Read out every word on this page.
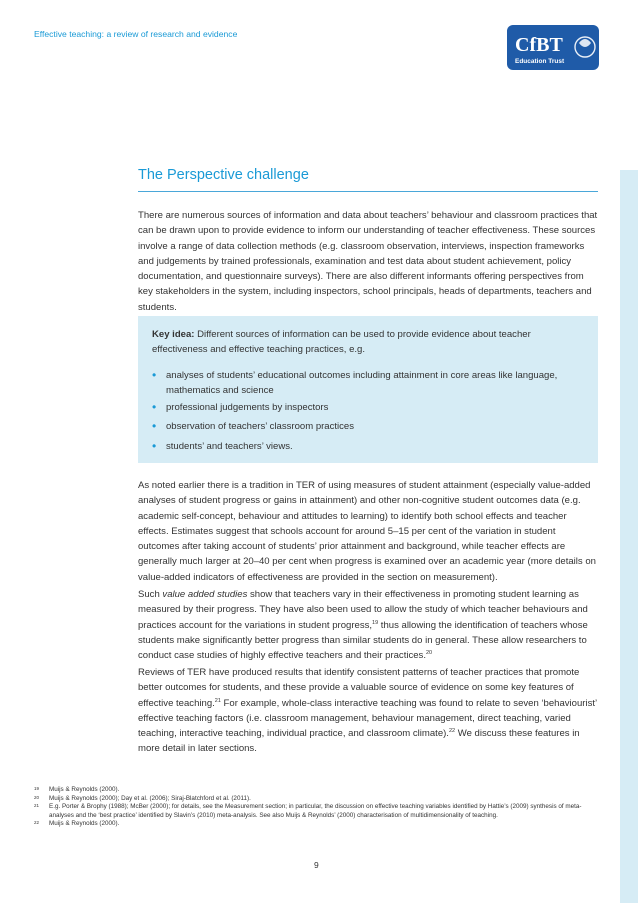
Effective teaching: a review of research and evidence	CfBT
Education Trust
The Perspective challenge

There are numerous sources of information and data about teachers’ behaviour and classroom practices that can be drawn upon to provide evidence to inform our understanding of teacher effectiveness. These sources involve a range of data collection methods (e.g. classroom observation, interviews, inspection frameworks and judgements by trained professionals, examination and test data about student achievement, policy documentation, and questionnaire surveys). There are also different informants offering perspectives from key stakeholders in the system, including inspectors, school principals, heads of departments, teachers and students.

Key idea: Different sources of information can be used to provide evidence about teacher effectiveness and effective teaching practices, e.g.
• analyses of students’ educational outcomes including attainment in core areas like language, mathematics and science
• professional judgements by inspectors
• observation of teachers’ classroom practices
• students’ and teachers’ views.

As noted earlier there is a tradition in TER of using measures of student attainment (especially value-added analyses of student progress or gains in attainment) and other non-cognitive student outcomes data (e.g. academic self-concept, behaviour and attitudes to learning) to identify both school effects and teacher effects. Estimates suggest that schools account for around 5–15 per cent of the variation in student outcomes after taking account of students’ prior attainment and background, while teacher effects are generally much larger at 20–40 per cent when progress is examined over an academic year (more details on value-added indicators of effectiveness are provided in the section on measurement).

Such value added studies show that teachers vary in their effectiveness in promoting student learning as measured by their progress. They have also been used to allow the study of which teacher behaviours and practices account for the variations in student progress,$^{19}$ thus allowing the identification of teachers whose students make significantly better progress than similar students do in general. These allow researchers to conduct case studies of highly effective teachers and their practices.$^{20}$

Reviews of TER have produced results that identify consistent patterns of teacher practices that promote better outcomes for students, and these provide a valuable source of evidence on some key features of effective teaching.$^{21}$ For example, whole-class interactive teaching was found to relate to seven ‘behaviourist’ effective teaching factors (i.e. classroom management, behaviour management, direct teaching, varied teaching, interactive teaching, individual practice, and classroom climate).$^{22}$ We discuss these features in more detail in later sections.

19 Muijs & Reynolds (2000).
20 Muijs & Reynolds (2000); Day et al. (2006); Siraj-Blatchford et al. (2011).
21 E.g. Porter & Brophy (1988); McBer (2000); for details, see the Measurement section; in particular, the discussion on effective teaching variables identified by Hattie’s (2009) synthesis of meta-analyses and the ‘best practice’ identified by Slavin’s (2010) meta-analysis. See also Muijs & Reynolds’ (2000) characterisation of multidimensionality of teaching.
22 Muijs & Reynolds (2000).
9
